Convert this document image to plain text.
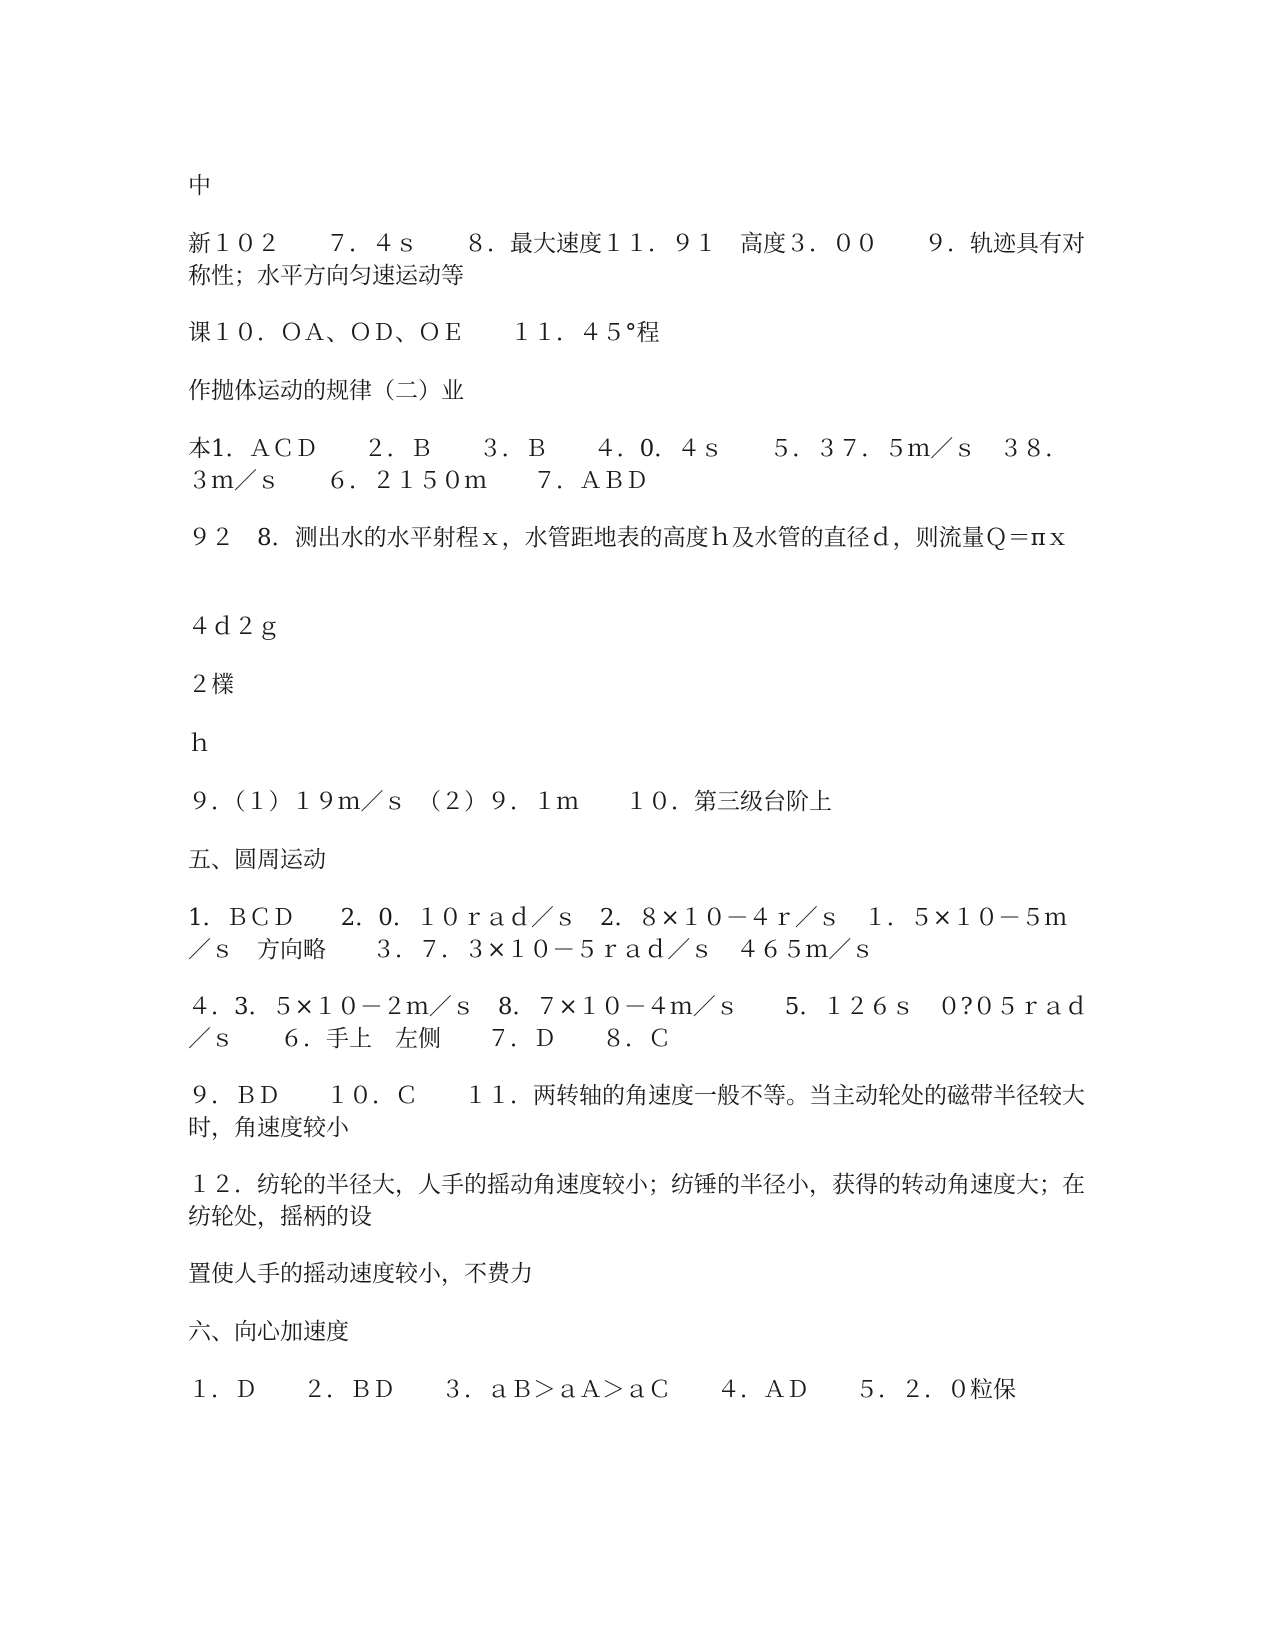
中

新１０２　　７．４ｓ　　８．最大速度１１．９１　高度３．００　　９．轨迹具有对称性；水平方向匀速运动等

课１０．ＯＡ、ＯＤ、ＯＥ　　１１．４５°程

作抛体运动的规律（二）业

本1．ＡＣＤ　　２．Ｂ　　３．Ｂ　　４．0．４ｓ　　５．３７．５ｍ／ｓ　３８．３ｍ／ｓ　　６．２１５０ｍ　　７．ＡＢＤ

９２　8．测出水的水平射程ｘ，水管距地表的高度ｈ及水管的直径ｄ，则流量Ｑ＝πｘ

４ｄ２ｇ

２檏

ｈ

９．（１）１９ｍ／ｓ　（２）９．１ｍ　　１０．第三级台阶上

五、圆周运动

1．ＢＣＤ　　2．0．１０ｒａｄ／ｓ　2．８×１０－４ｒ／ｓ　１．５×１０－５ｍ／ｓ　方向略　　３．７．３×１０－５ｒａｄ／ｓ　４６５ｍ／ｓ

４．3．５×１０－２ｍ／ｓ　8．７×１０－４ｍ／ｓ　　5．１２６ｓ　０?０５ｒａｄ／ｓ　　６．手上　左侧　　７．Ｄ　　８．Ｃ

９．ＢＤ　　１０．Ｃ　　１１．两转轴的角速度一般不等。当主动轮处的磁带半径较大时，角速度较小

１２．纺轮的半径大，人手的摇动角速度较小；纺锤的半径小，获得的转动角速度大；在纺轮处，摇柄的设

置使人手的摇动速度较小，不费力

六、向心加速度

１．Ｄ　　２．ＢＤ　　３．ａＢ＞ａＡ＞ａＣ　　４．ＡＤ　　５．２．０粒保
